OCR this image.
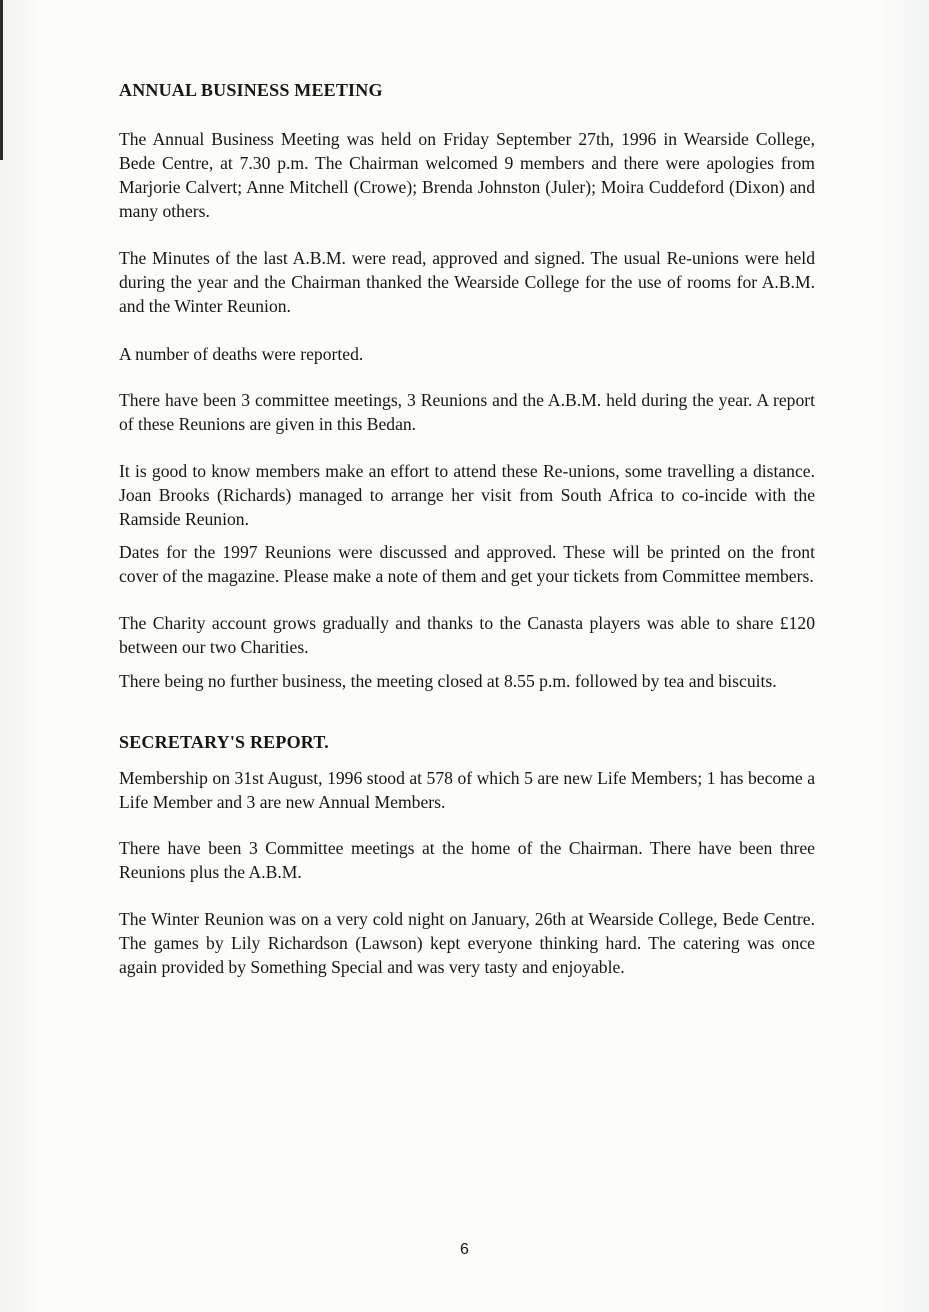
ANNUAL BUSINESS MEETING

The Annual Business Meeting was held on Friday September 27th, 1996 in Wearside College, Bede Centre, at 7.30 p.m. The Chairman welcomed 9 members and there were apologies from Marjorie Calvert; Anne Mitchell (Crowe); Brenda Johnston (Juler); Moira Cuddeford (Dixon) and many others.

The Minutes of the last A.B.M. were read, approved and signed. The usual Re-unions were held during the year and the Chairman thanked the Wearside College for the use of rooms for A.B.M. and the Winter Reunion.

A number of deaths were reported.

There have been 3 committee meetings, 3 Reunions and the A.B.M. held during the year. A report of these Reunions are given in this Bedan.

It is good to know members make an effort to attend these Re-unions, some travelling a distance. Joan Brooks (Richards) managed to arrange her visit from South Africa to co-incide with the Ramside Reunion.

Dates for the 1997 Reunions were discussed and approved. These will be printed on the front cover of the magazine. Please make a note of them and get your tickets from Committee members.

The Charity account grows gradually and thanks to the Canasta players was able to share £120 between our two Charities.

There being no further business, the meeting closed at 8.55 p.m. followed by tea and biscuits.

SECRETARY'S REPORT.

Membership on 31st August, 1996 stood at 578 of which 5 are new Life Members; 1 has become a Life Member and 3 are new Annual Members.

There have been 3 Committee meetings at the home of the Chairman. There have been three Reunions plus the A.B.M.

The Winter Reunion was on a very cold night on January, 26th at Wearside College, Bede Centre. The games by Lily Richardson (Lawson) kept everyone thinking hard. The catering was once again provided by Something Special and was very tasty and enjoyable.

6
